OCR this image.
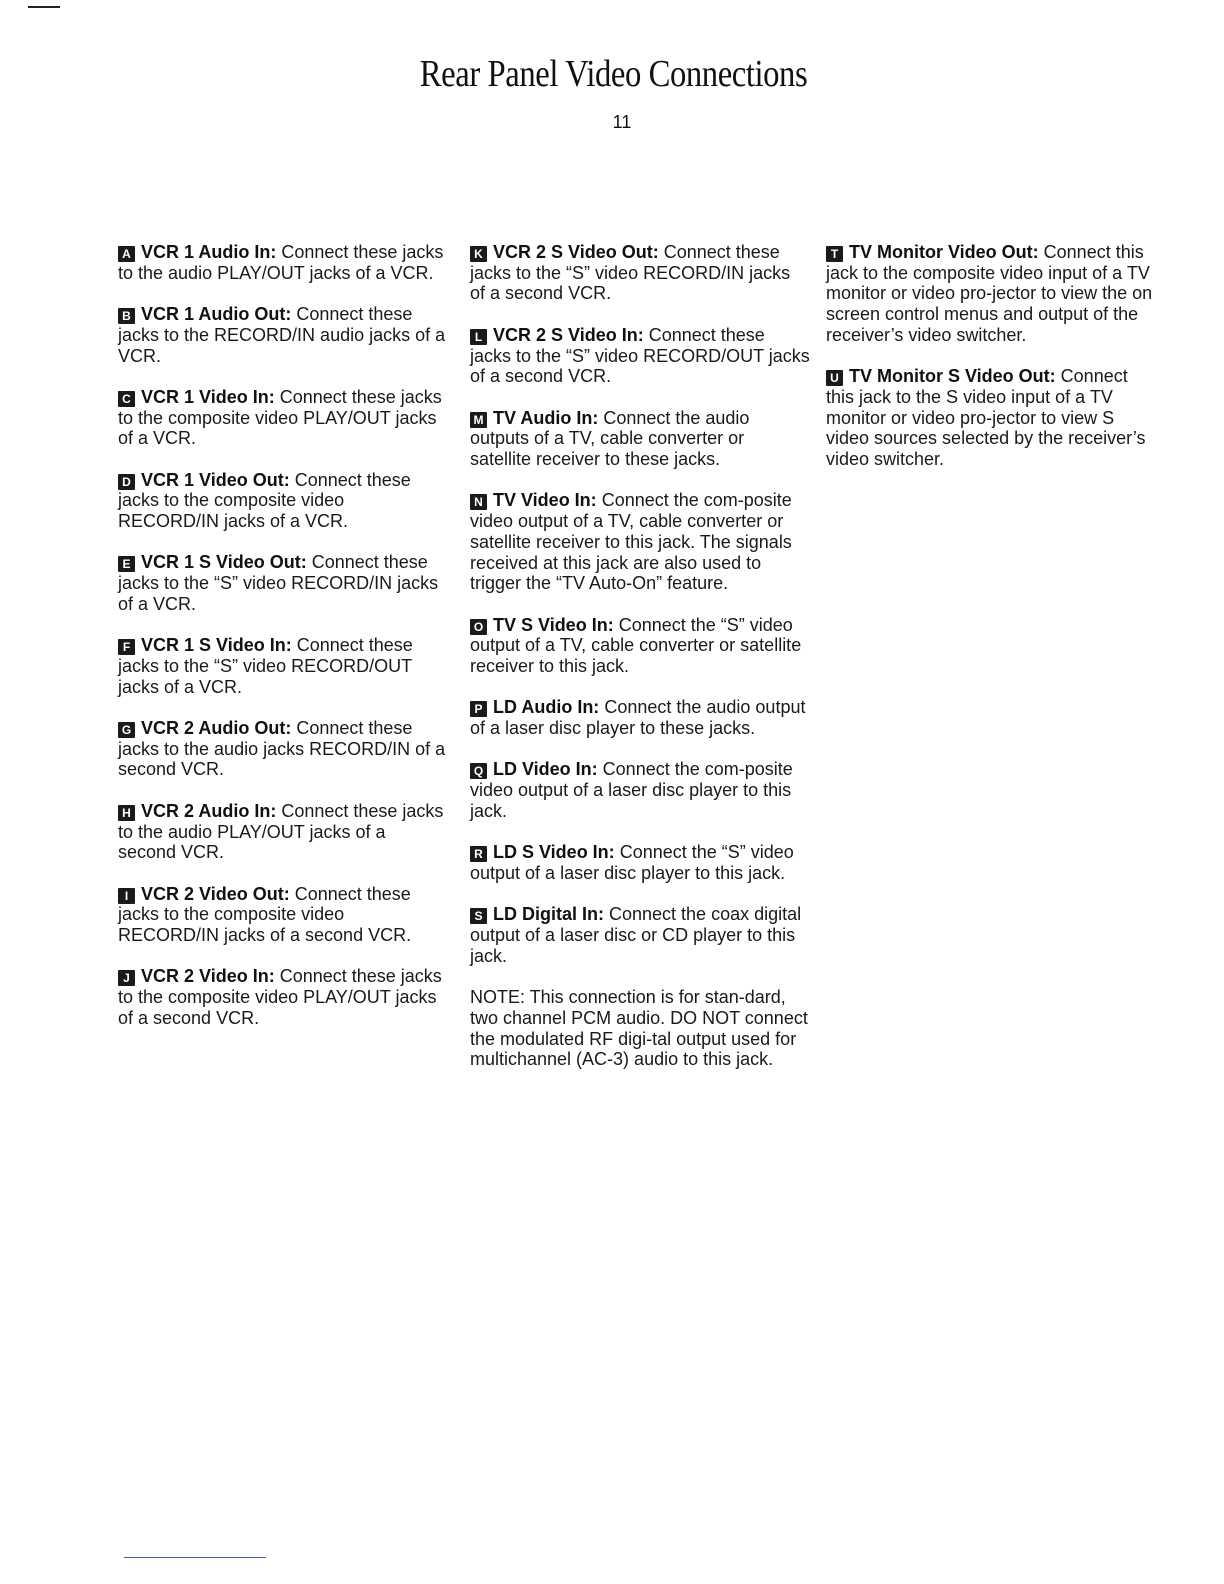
Rear Panel Video Connections
11

A VCR 1 Audio In: Connect these jacks to the audio PLAY/OUT jacks of a VCR.

B VCR 1 Audio Out: Connect these jacks to the RECORD/IN audio jacks of a VCR.

C VCR 1 Video In: Connect these jacks to the composite video PLAY/OUT jacks of a VCR.

D VCR 1 Video Out: Connect these jacks to the composite video RECORD/IN jacks of a VCR.

E VCR 1 S Video Out: Connect these jacks to the “S” video RECORD/IN jacks of a VCR.

F VCR 1 S Video In: Connect these jacks to the “S” video RECORD/OUT jacks of a VCR.

G VCR 2 Audio Out: Connect these jacks to the audio jacks RECORD/IN of a second VCR.

H VCR 2 Audio In: Connect these jacks to the audio PLAY/OUT jacks of a second VCR.

I VCR 2 Video Out: Connect these jacks to the composite video RECORD/IN jacks of a second VCR.

J VCR 2 Video In: Connect these jacks to the composite video PLAY/OUT jacks of a second VCR.

K VCR 2 S Video Out: Connect these jacks to the “S” video RECORD/IN jacks of a second VCR.

L VCR 2 S Video In: Connect these jacks to the “S” video RECORD/OUT jacks of a second VCR.

M TV Audio In: Connect the audio outputs of a TV, cable converter or satellite receiver to these jacks.

N TV Video In: Connect the com-posite video output of a TV, cable converter or satellite receiver to this jack. The signals received at this jack are also used to trigger the “TV Auto-On” feature.

O TV S Video In: Connect the “S” video output of a TV, cable converter or satellite receiver to this jack.

P LD Audio In: Connect the audio output of a laser disc player to these jacks.

Q LD Video In: Connect the com-posite video output of a laser disc player to this jack.

R LD S Video In: Connect the “S” video output of a laser disc player to this jack.

S LD Digital In: Connect the coax digital output of a laser disc or CD player to this jack.

NOTE: This connection is for stan-dard, two channel PCM audio. DO NOT connect the modulated RF digi-tal output used for multichannel (AC-3) audio to this jack.

T TV Monitor Video Out: Connect this jack to the composite video input of a TV monitor or video pro-jector to view the on screen control menus and output of the receiver’s video switcher.

U TV Monitor S Video Out: Connect this jack to the S video input of a TV monitor or video pro-jector to view S video sources selected by the receiver’s video switcher.
